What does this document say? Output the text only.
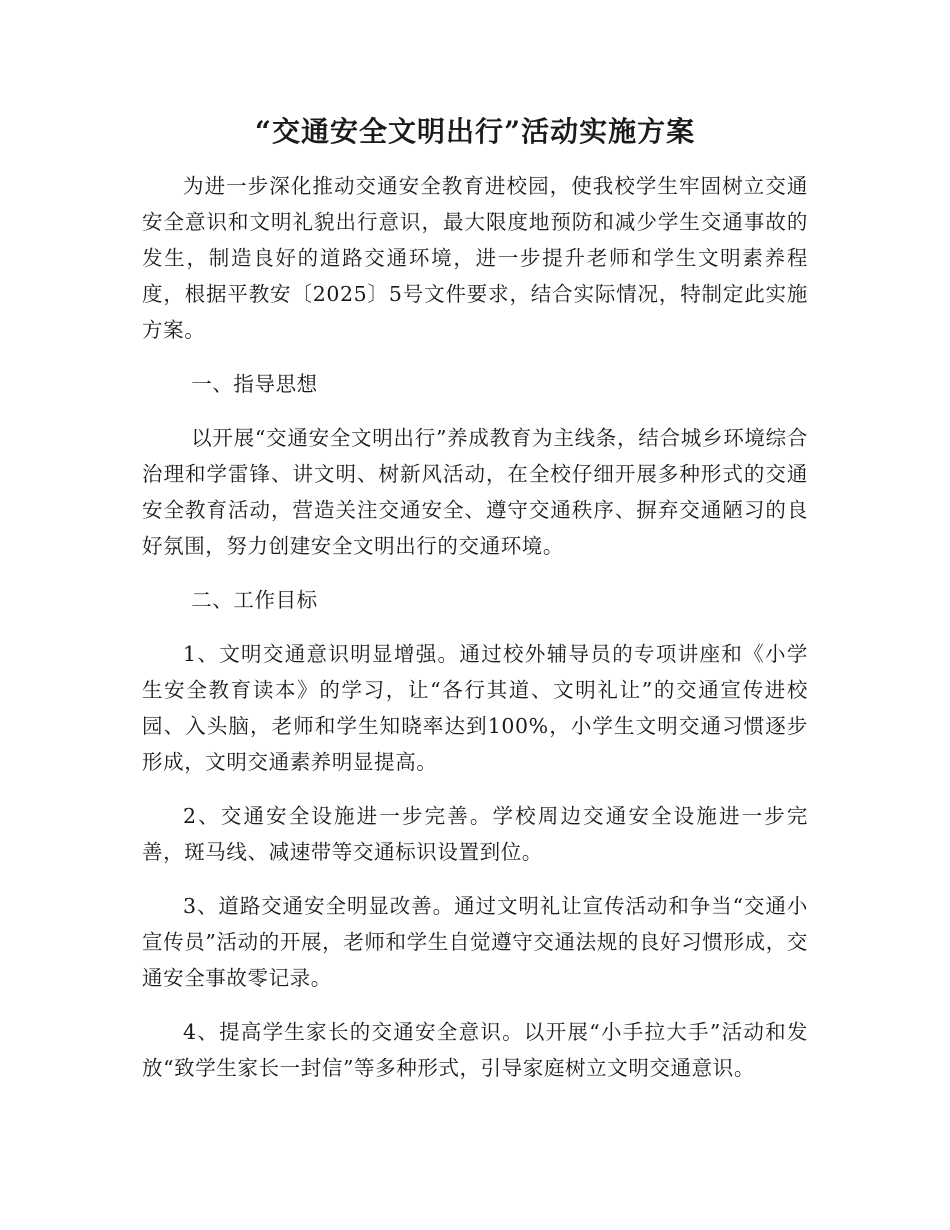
“交通安全文明出行”活动实施方案

为进一步深化推动交通安全教育进校园，使我校学生牢固树立交通安全意识和文明礼貌出行意识，最大限度地预防和减少学生交通事故的发生，制造良好的道路交通环境，进一步提升老师和学生文明素养程度，根据平教安〔2025〕5号文件要求，结合实际情况，特制定此实施方案。

一、指导思想

以开展“交通安全文明出行”养成教育为主线条，结合城乡环境综合治理和学雷锋、讲文明、树新风活动，在全校仔细开展多种形式的交通安全教育活动，营造关注交通安全、遵守交通秩序、摒弃交通陋习的良好氛围，努力创建安全文明出行的交通环境。

二、工作目标

1、文明交通意识明显增强。通过校外辅导员的专项讲座和《小学生安全教育读本》的学习，让“各行其道、文明礼让”的交通宣传进校园、入头脑，老师和学生知晓率达到100%，小学生文明交通习惯逐步形成，文明交通素养明显提高。

2、交通安全设施进一步完善。学校周边交通安全设施进一步完善，斑马线、减速带等交通标识设置到位。

3、道路交通安全明显改善。通过文明礼让宣传活动和争当“交通小宣传员”活动的开展，老师和学生自觉遵守交通法规的良好习惯形成，交通安全事故零记录。

4、提高学生家长的交通安全意识。以开展“小手拉大手”活动和发放“致学生家长一封信”等多种形式，引导家庭树立文明交通意识。
